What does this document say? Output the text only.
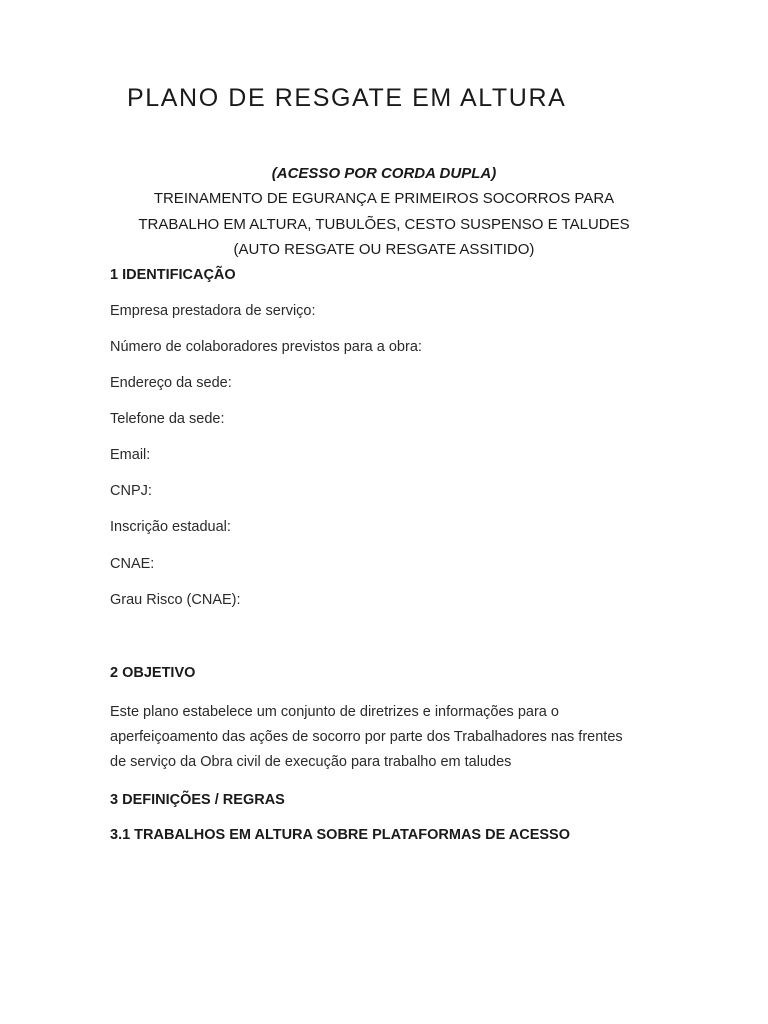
PLANO DE RESGATE EM ALTURA

(ACESSO POR CORDA DUPLA)

TREINAMENTO DE EGURANÇA E PRIMEIROS SOCORROS PARA

TRABALHO EM ALTURA, TUBULÕES, CESTO SUSPENSO E TALUDES

(AUTO RESGATE OU RESGATE ASSITIDO)

1 IDENTIFICAÇÃO

Empresa prestadora de serviço:

Número de colaboradores previstos para a obra:

Endereço da sede:

Telefone da sede:

Email:

CNPJ:

Inscrição estadual:

CNAE:

Grau Risco (CNAE):

2 OBJETIVO
Este plano estabelece um conjunto de diretrizes e informações para o
aperfeiçoamento das ações de socorro por parte dos Trabalhadores nas frentes
de serviço da Obra civil de execução para trabalho em taludes
3 DEFINIÇÕES / REGRAS
3.1 TRABALHOS EM ALTURA SOBRE PLATAFORMAS DE ACESSO
